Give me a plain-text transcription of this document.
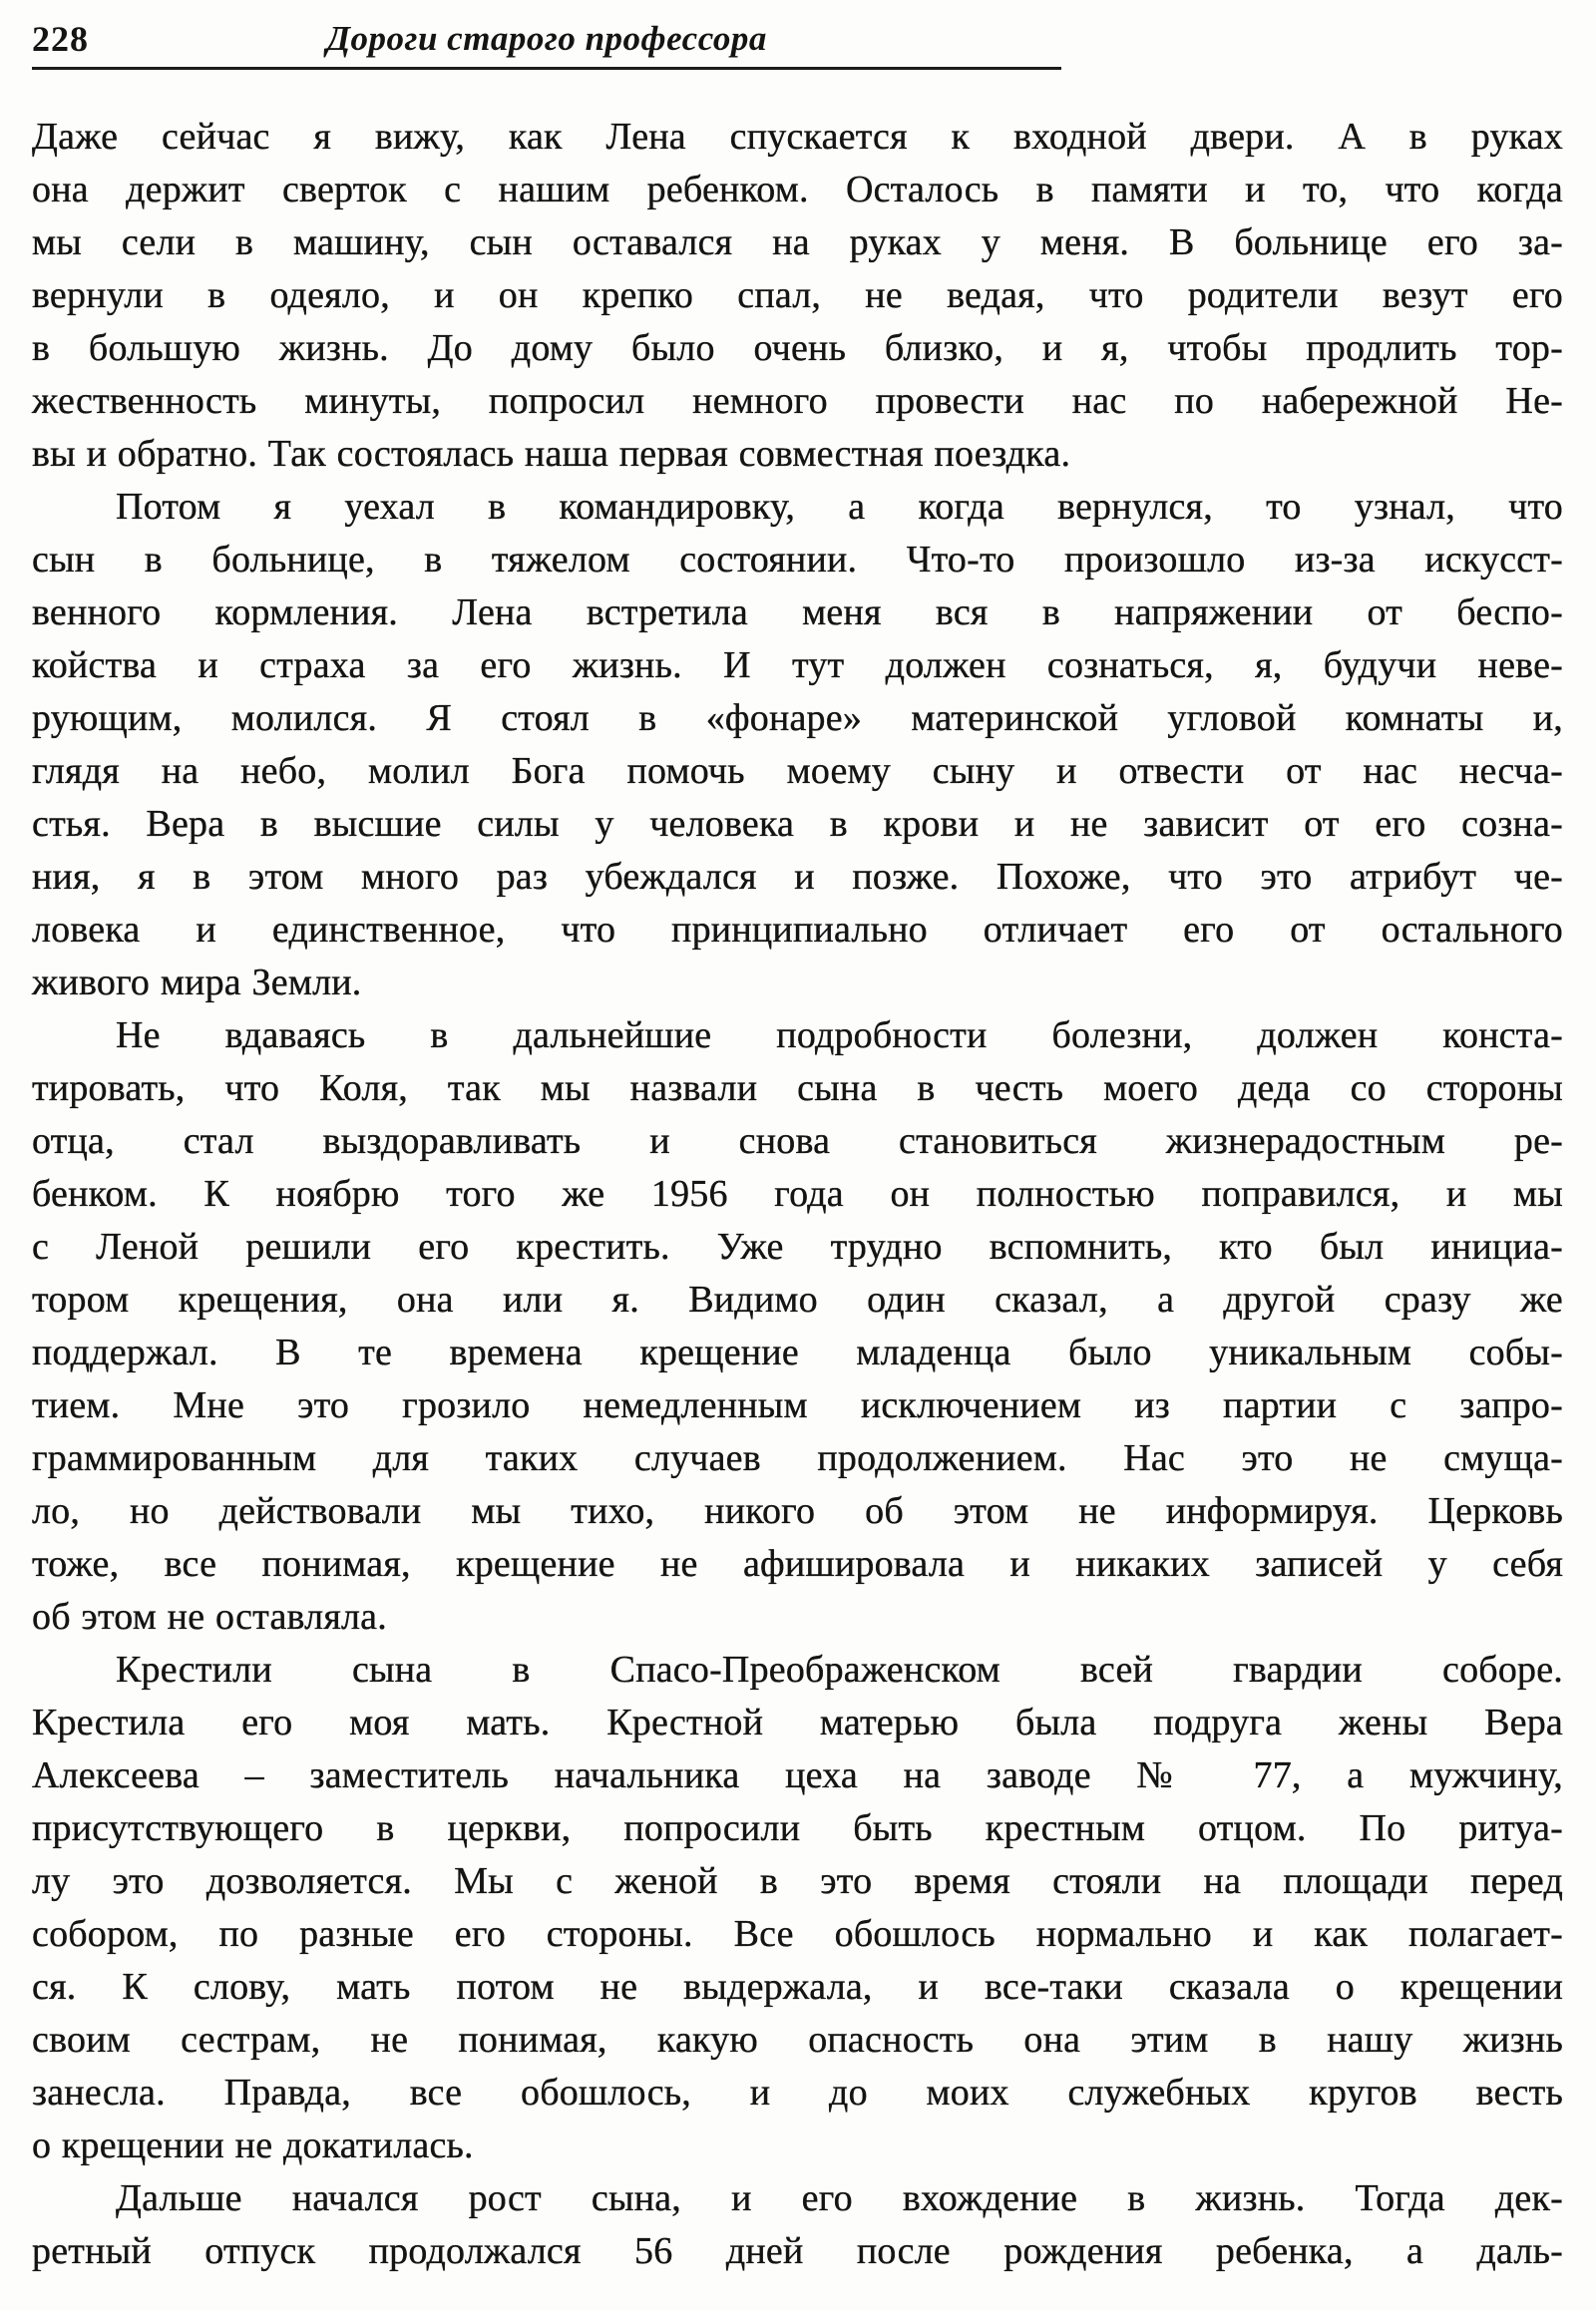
228	Дороги старого профессора

Даже сейчас я вижу, как Лена спускается к входной двери. А в руках
она держит сверток с нашим ребенком. Осталось в памяти и то, что когда
мы сели в машину, сын оставался на руках у меня. В больнице его за-
вернули в одеяло, и он крепко спал, не ведая, что родители везут его
в большую жизнь. До дому было очень близко, и я, чтобы продлить тор-
жественность минуты, попросил немного провести нас по набережной Не-
вы и обратно. Так состоялась наша первая совместная поездка.

Потом я уехал в командировку, а когда вернулся, то узнал, что
сын в больнице, в тяжелом состоянии. Что-то произошло из-за искусст-
венного кормления. Лена встретила меня вся в напряжении от беспо-
койства и страха за его жизнь. И тут должен сознаться, я, будучи неве-
рующим, молился. Я стоял в «фонаре» материнской угловой комнаты и,
глядя на небо, молил Бога помочь моему сыну и отвести от нас несча-
стья. Вера в высшие силы у человека в крови и не зависит от его созна-
ния, я в этом много раз убеждался и позже. Похоже, что это атрибут че-
ловека и единственное, что принципиально отличает его от остального
живого мира Земли.

Не вдаваясь в дальнейшие подробности болезни, должен конста-
тировать, что Коля, так мы назвали сына в честь моего деда со стороны
отца, стал выздоравливать и снова становиться жизнерадостным ре-
бенком. К ноябрю того же 1956 года он полностью поправился, и мы
с Леной решили его крестить. Уже трудно вспомнить, кто был инициа-
тором крещения, она или я. Видимо один сказал, а другой сразу же
поддержал. В те времена крещение младенца было уникальным собы-
тием. Мне это грозило немедленным исключением из партии с запро-
граммированным для таких случаев продолжением. Нас это не смуща-
ло, но действовали мы тихо, никого об этом не информируя. Церковь
тоже, все понимая, крещение не афишировала и никаких записей у себя
об этом не оставляла.

Крестили сына в Спасо-Преображенском всей гвардии соборе.
Крестила его моя мать. Крестной матерью была подруга жены Вера
Алексеева – заместитель начальника цеха на заводе № 77, а мужчину,
присутствующего в церкви, попросили быть крестным отцом. По ритуа-
лу это дозволяется. Мы с женой в это время стояли на площади перед
собором, по разные его стороны. Все обошлось нормально и как полагает-
ся. К слову, мать потом не выдержала, и все-таки сказала о крещении
своим сестрам, не понимая, какую опасность она этим в нашу жизнь
занесла. Правда, все обошлось, и до моих служебных кругов весть
о крещении не докатилась.

Дальше начался рост сына, и его вхождение в жизнь. Тогда дек-
ретный отпуск продолжался 56 дней после рождения ребенка, а даль-
